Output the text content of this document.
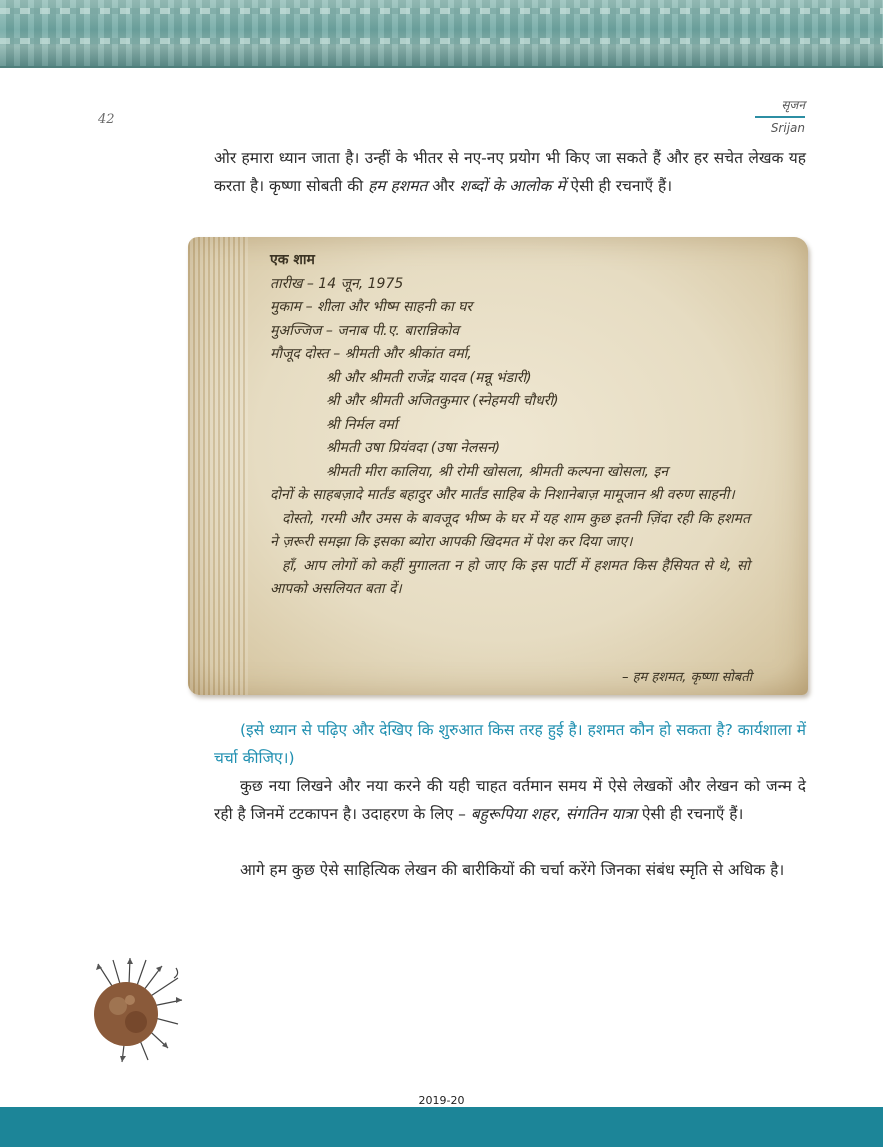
42
सृजन
Srijan

ओर हमारा ध्यान जाता है। उन्हीं के भीतर से नए-नए प्रयोग भी किए जा सकते हैं और हर सचेत लेखक यह करता है। कृष्णा सोबती की हम हशमत और शब्दों के आलोक में ऐसी ही रचनाएँ हैं।

एक शाम
तारीख – 14 जून, 1975
मुकाम – शीला और भीष्म साहनी का घर
मुअज्जिज – जनाब पी.ए. बारान्निकोव
मौजूद दोस्त – श्रीमती और श्रीकांत वर्मा,
श्री और श्रीमती राजेंद्र यादव (मन्नू भंडारी)
श्री और श्रीमती अजितकुमार (स्नेहमयी चौधरी)
श्री निर्मल वर्मा
श्रीमती उषा प्रियंवदा (उषा नेलसन)
श्रीमती मीरा कालिया, श्री रोमी खोसला, श्रीमती कल्पना खोसला, इन
दोनों के साहबज़ादे मार्तंड बहादुर और मार्तंड साहिब के निशानेबाज़ मामूजान श्री वरुण साहनी।
दोस्तो, गरमी और उमस के बावजूद भीष्म के घर में यह शाम कुछ इतनी ज़िंदा रही कि हशमत ने ज़रूरी समझा कि इसका ब्योरा आपकी खिदमत में पेश कर दिया जाए।
हाँ, आप लोगों को कहीं मुगालता न हो जाए कि इस पार्टी में हशमत किस हैसियत से थे, सो आपको असलियत बता दें।
– हम हशमत, कृष्णा सोबती

(इसे ध्यान से पढ़िए और देखिए कि शुरुआत किस तरह हुई है। हशमत कौन हो सकता है? कार्यशाला में चर्चा कीजिए।)

कुछ नया लिखने और नया करने की यही चाहत वर्तमान समय में ऐसे लेखकों और लेखन को जन्म दे रही है जिनमें टटकापन है। उदाहरण के लिए – बहुरूपिया शहर, संगतिन यात्रा ऐसी ही रचनाएँ हैं।

आगे हम कुछ ऐसे साहित्यिक लेखन की बारीकियों की चर्चा करेंगे जिनका संबंध स्मृति से अधिक है।

2019-20
